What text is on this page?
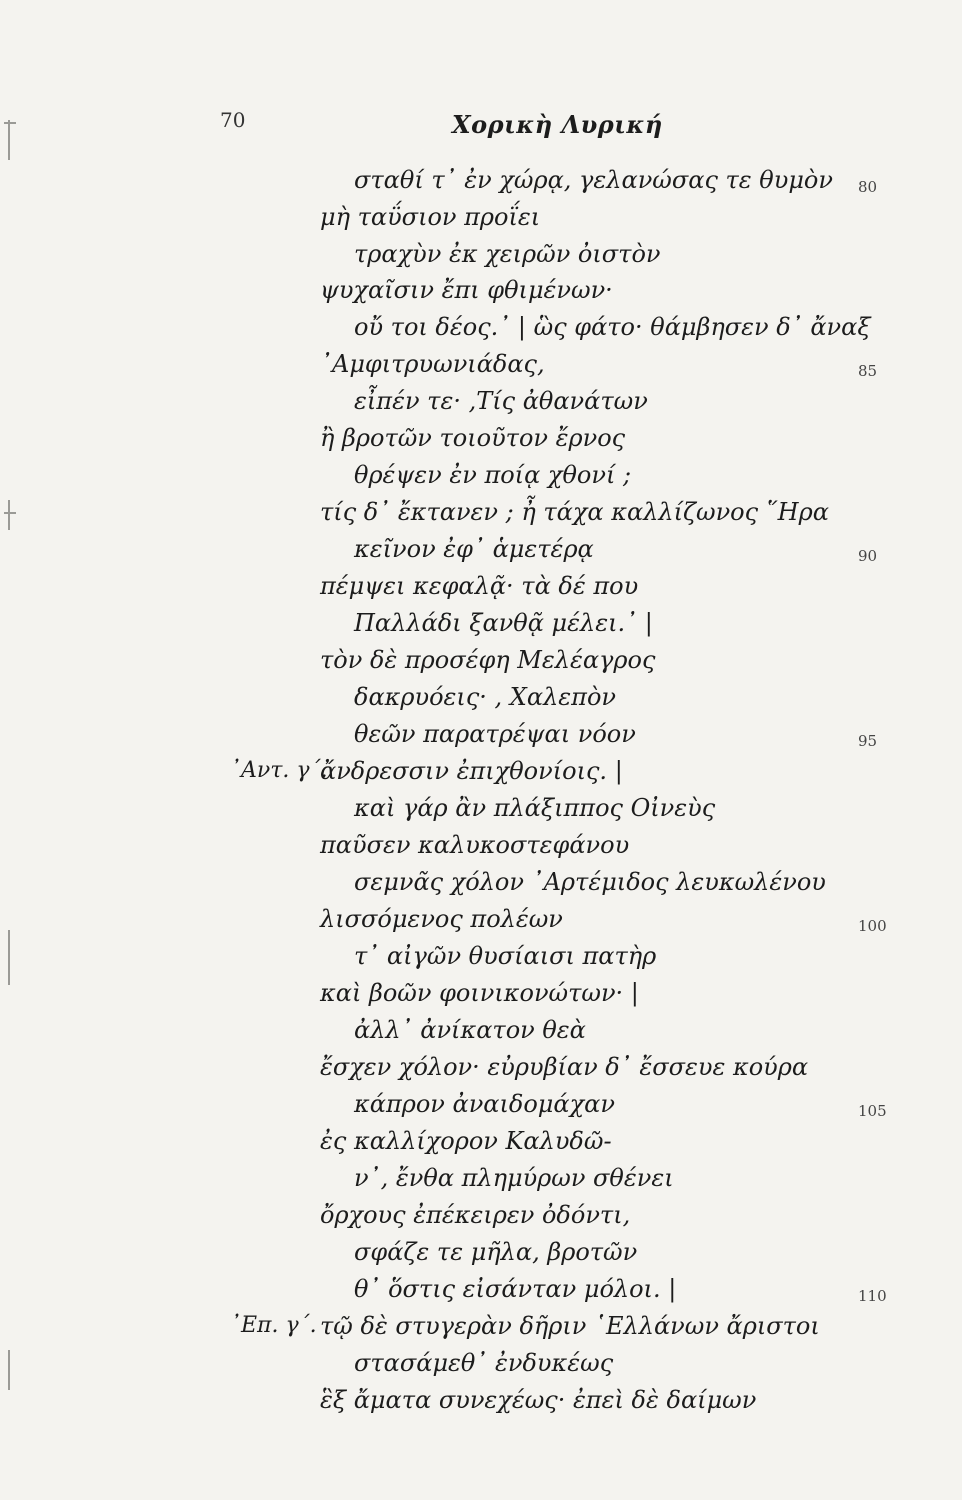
70	Χορικὴ Λυρική
σταθί τ᾽ ἐν χώρᾳ, γελανώσας τε θυμὸν
μὴ ταΰσιον προΐει
τραχὺν ἐκ χειρῶν ὀιστὸν
ψυχαῖσιν ἔπι φθιμένων·
οὔ τοι δέος.᾽ | ὣς φάτο· θάμβησεν δ᾽ ἄναξ
᾽Αμφιτρυωνιάδας,
εἶπέν τε· ,Τίς ἀθανάτων
ἢ βροτῶν τοιοῦτον ἔρνος
θρέψεν ἐν ποίᾳ χθονί ;
τίς δ᾽ ἔκτανεν ; ἦ τάχα καλλίζωνος ῞Ηρα
κεῖνον ἐφ᾽ ἁμετέρᾳ
πέμψει κεφαλᾷ· τὰ δέ που
Παλλάδι ξανθᾷ μέλει.᾽ |
τὸν δὲ προσέφη Μελέαγρος
δακρυόεις· , Χαλεπὸν
θεῶν παρατρέψαι νόον
ἄνδρεσσιν ἐπιχθονίοις. |
καὶ γάρ ἂν πλάξιππος Οἰνεὺς
παῦσεν καλυκοστεφάνου
σεμνᾶς χόλον ᾽Αρτέμιδος λευκωλένου
λισσόμενος πολέων
τ᾽ αἰγῶν θυσίαισι πατὴρ
καὶ βοῶν φοινικονώτων· |
ἀλλ᾽ ἀνίκατον θεὰ
ἔσχεν χόλον· εὐρυβίαν δ᾽ ἔσσευε κούρα
κάπρον ἀναιδομάχαν
ἐς καλλίχορον Καλυδῶ-
ν᾽, ἔνθα πλημύρων σθένει
ὄρχους ἐπέκειρεν ὀδόντι,
σφάζε τε μῆλα, βροτῶν
θ᾽ ὅστις εἰσάνταν μόλοι. |
τῷ δὲ στυγερὰν δῆριν ῾Ελλάνων ἄριστοι
στασάμεθ᾽ ἐνδυκέως
ἓξ ἄματα συνεχέως· ἐπεὶ δὲ δαίμων
᾽Αντ. γ΄.
᾽Επ. γ΄.
80
85
90
95
100
105
110
